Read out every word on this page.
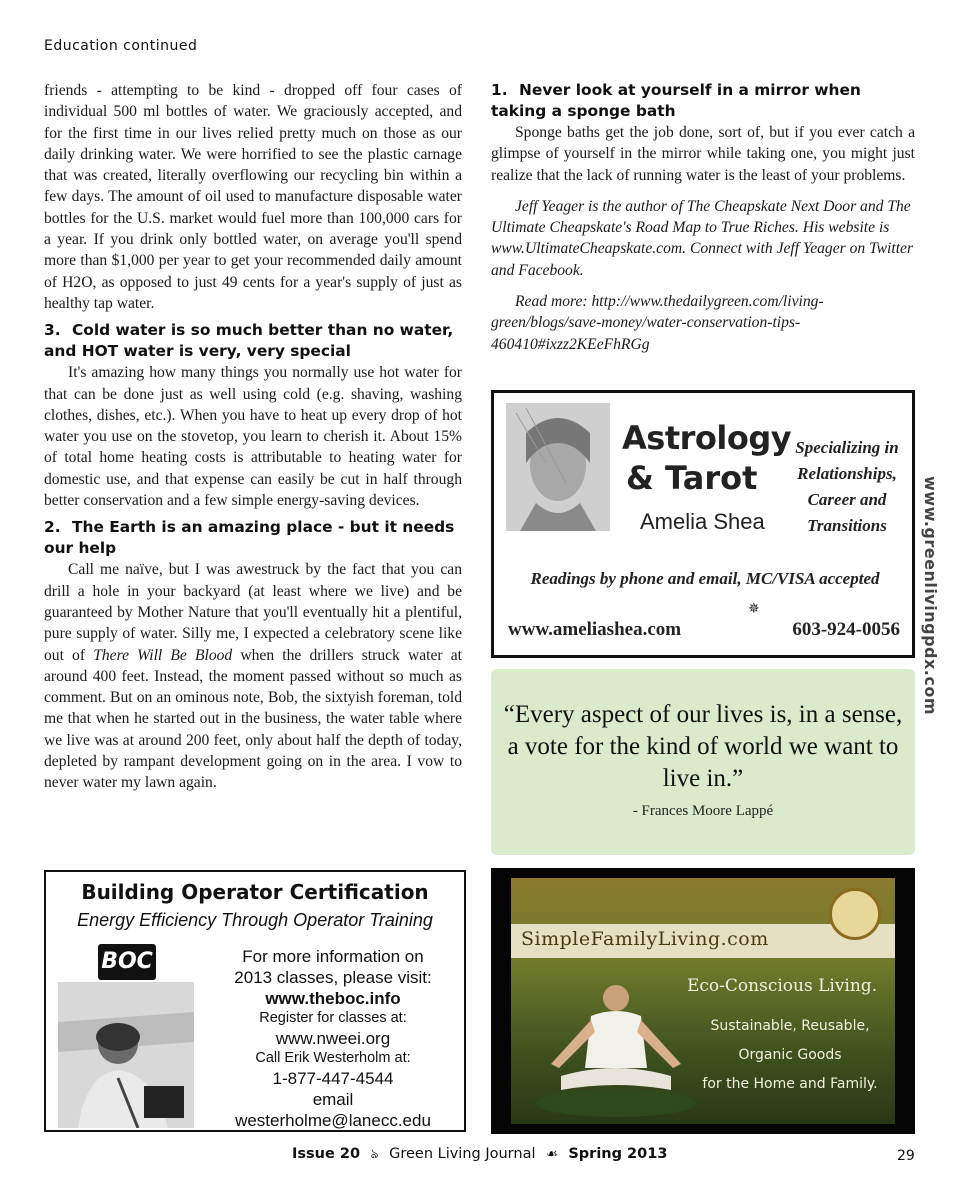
Education continued

friends - attempting to be kind - dropped off four cases of individual 500 ml bottles of water. We graciously accepted, and for the first time in our lives relied pretty much on those as our daily drinking water. We were horrified to see the plastic carnage that was created, literally overflowing our recycling bin within a few days. The amount of oil used to manufacture disposable water bottles for the U.S. market would fuel more than 100,000 cars for a year. If you drink only bottled water, on average you'll spend more than $1,000 per year to get your recommended daily amount of H2O, as opposed to just 49 cents for a year's supply of just as healthy tap water.

3. Cold water is so much better than no water, and HOT water is very, very special

It's amazing how many things you normally use hot water for that can be done just as well using cold (e.g. shaving, washing clothes, dishes, etc.). When you have to heat up every drop of hot water you use on the stovetop, you learn to cherish it. About 15% of total home heating costs is attributable to heating water for domestic use, and that expense can easily be cut in half through better conservation and a few simple energy-saving devices.

2. The Earth is an amazing place - but it needs our help

Call me naïve, but I was awestruck by the fact that you can drill a hole in your backyard (at least where we live) and be guaranteed by Mother Nature that you'll eventually hit a plentiful, pure supply of water. Silly me, I expected a celebratory scene like out of There Will Be Blood when the drillers struck water at around 400 feet. Instead, the moment passed without so much as comment. But on an ominous note, Bob, the sixtyish foreman, told me that when he started out in the business, the water table where we live was at around 200 feet, only about half the depth of today, depleted by rampant development going on in the area. I vow to never water my lawn again.

1. Never look at yourself in a mirror when taking a sponge bath

Sponge baths get the job done, sort of, but if you ever catch a glimpse of yourself in the mirror while taking one, you might just realize that the lack of running water is the least of your problems.

Jeff Yeager is the author of The Cheapskate Next Door and The Ultimate Cheapskate's Road Map to True Riches. His website is www.UltimateCheapskate.com. Connect with Jeff Yeager on Twitter and Facebook.

Read more: http://www.thedailygreen.com/living-green/blogs/save-money/water-conservation-tips-460410#ixzz2KEeFhRGg

Astrology
& Tarot
Amelia Shea
Specializing in Relationships, Career and Transitions
Readings by phone and email, MC/VISA accepted
✵
www.ameliashea.com	603-924-0056 www.greenlivingpdx.com
“Every aspect of our lives is, in a sense, a vote for the kind of world we want to live in.”
- Frances Moore Lappé
Building Operator Certification
Energy Efficiency Through Operator Training
BOC	For more information on
2013 classes, please visit:
www.theboc.info
Register for classes at:
www.nweei.org
Call Erik Westerholm at:
1-877-447-4544
email
westerholme@lanecc.edu
SimpleFamilyLiving.com
Eco-Conscious Living.
Sustainable, Reusable,
Organic Goods
for the Home and Family.
Issue 20 ঌ Green Living Journal ☙ Spring 2013	29
